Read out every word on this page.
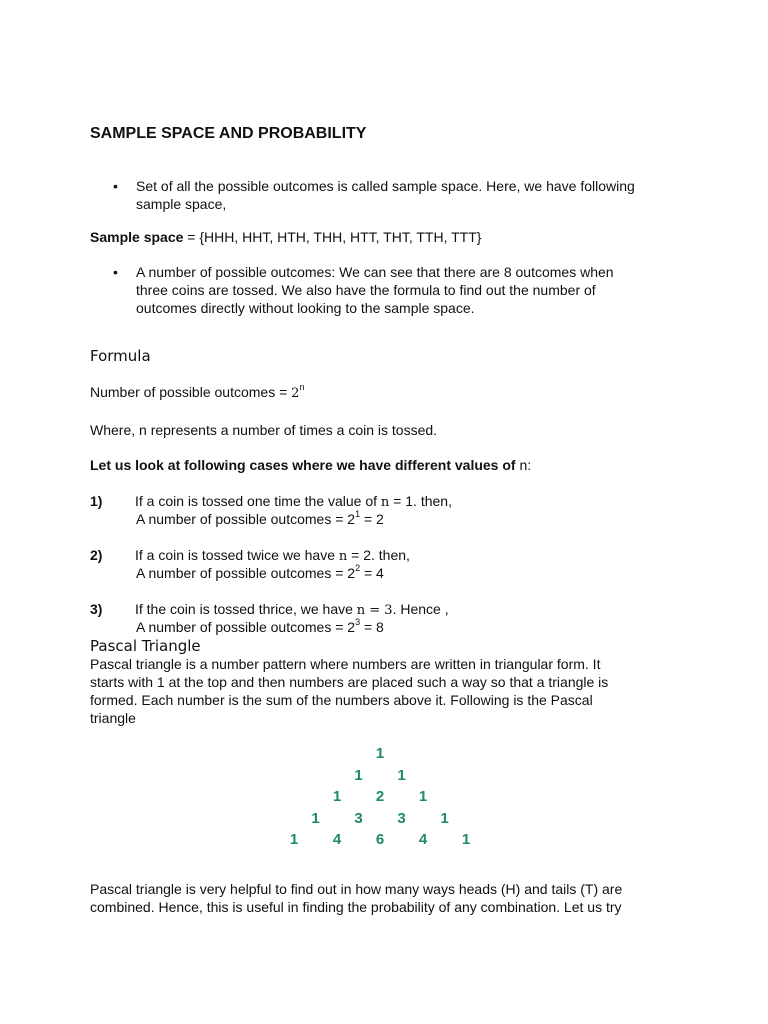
SAMPLE SPACE AND PROBABILITY
•	Set of all the possible outcomes is called sample space. Here, we have following
sample space,
Sample space = {HHH, HHT, HTH, THH, HTT, THT, TTH, TTT}
•	A number of possible outcomes: We can see that there are 8 outcomes when
three coins are tossed. We also have the formula to find out the number of
outcomes directly without looking to the sample space.
Formula
Number of possible outcomes = $2^n$
Where, n represents a number of times a coin is tossed.
Let us look at following cases where we have different values of n:
1)	If a coin is tossed one time the value of n = 1. then,
A number of possible outcomes = $2^1 = 2$
2)	If a coin is tossed twice we have n = 2. then,
A number of possible outcomes = $2^2 = 4$
3)	If the coin is tossed thrice, we have n = 3. Hence ,
A number of possible outcomes = $2^3 = 8$
Pascal Triangle
Pascal triangle is a number pattern where numbers are written in triangular form. It
starts with 1 at the top and then numbers are placed such a way so that a triangle is
formed. Each number is the sum of the numbers above it. Following is the Pascal
triangle
1
1	1
1	2	1
1	3	3	1
1	4	6	4	1
Pascal triangle is very helpful to find out in how many ways heads (H) and tails (T) are
combined. Hence, this is useful in finding the probability of any combination. Let us try
